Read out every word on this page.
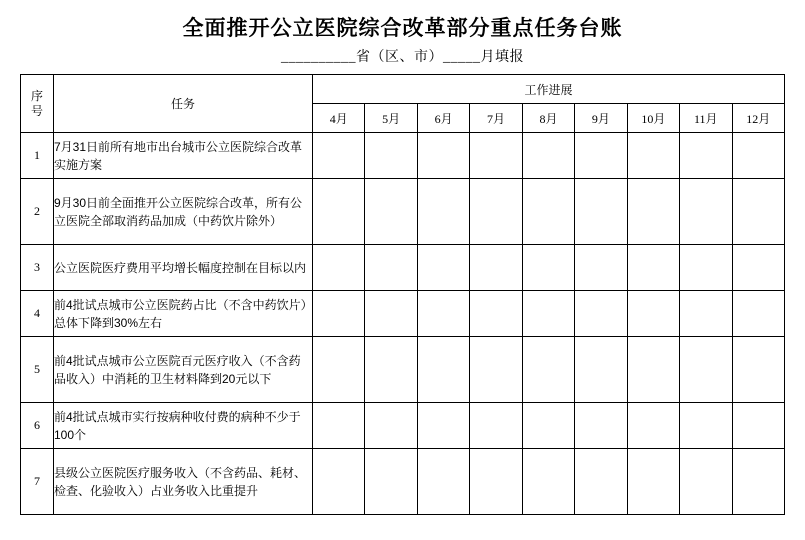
全面推开公立医院综合改革部分重点任务台账
__________省（区、市）_____月填报
序
号	任务	工作进展								
		4月	5月	6月	7月	8月	9月	10月	11月	12月
1	7月31日前所有地市出台城市公立医院综合改革实施方案									
2	9月30日前全面推开公立医院综合改革，所有公立医院全部取消药品加成（中药饮片除外）									
3	公立医院医疗费用平均增长幅度控制在目标以内									
4	前4批试点城市公立医院药占比（不含中药饮片）总体下降到30%左右									
5	前4批试点城市公立医院百元医疗收入（不含药品收入）中消耗的卫生材料降到20元以下									
6	前4批试点城市实行按病种收付费的病种不少于100个									
7	县级公立医院医疗服务收入（不含药品、耗材、检查、化验收入）占业务收入比重提升									
